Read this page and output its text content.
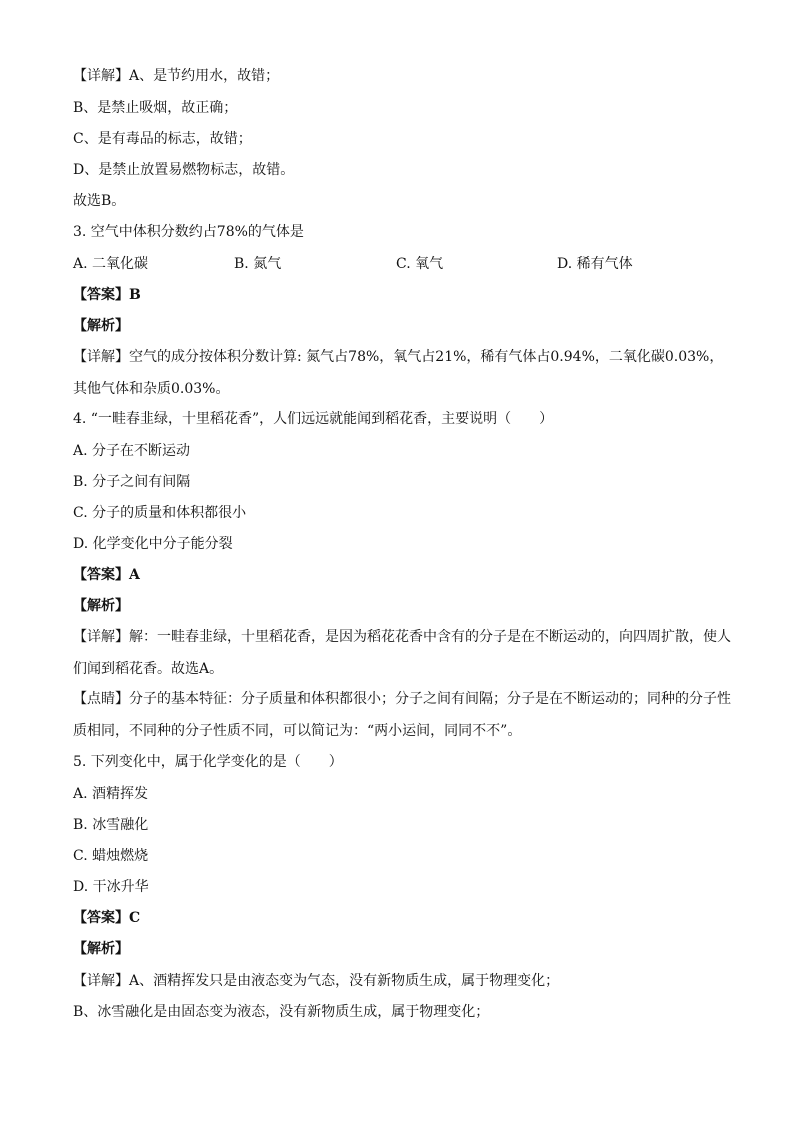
【详解】A、是节约用水，故错；
B、是禁止吸烟，故正确；
C、是有毒品的标志，故错；
D、是禁止放置易燃物标志，故错。
故选B。
3. 空气中体积分数约占78%的气体是
A. 二氧化碳	B. 氮气	C. 氧气	D. 稀有气体
【答案】B
【解析】
【详解】空气的成分按体积分数计算: 氮气占78%，氧气占21%，稀有气体占0.94%，二氧化碳0.03%，其他气体和杂质0.03%。
4. “一畦春韭绿，十里稻花香”，人们远远就能闻到稻花香，主要说明（　　）
A. 分子在不断运动
B. 分子之间有间隔
C. 分子的质量和体积都很小
D. 化学变化中分子能分裂
【答案】A
【解析】
【详解】解：一畦春韭绿，十里稻花香，是因为稻花花香中含有的分子是在不断运动的，向四周扩散，使人们闻到稻花香。故选A。
【点睛】分子的基本特征：分子质量和体积都很小；分子之间有间隔；分子是在不断运动的；同种的分子性质相同，不同种的分子性质不同，可以简记为：“两小运间，同同不不”。
5. 下列变化中，属于化学变化的是（　　）
A. 酒精挥发
B. 冰雪融化
C. 蜡烛燃烧
D. 干冰升华
【答案】C
【解析】
【详解】A、酒精挥发只是由液态变为气态，没有新物质生成，属于物理变化；
B、冰雪融化是由固态变为液态，没有新物质生成，属于物理变化；
